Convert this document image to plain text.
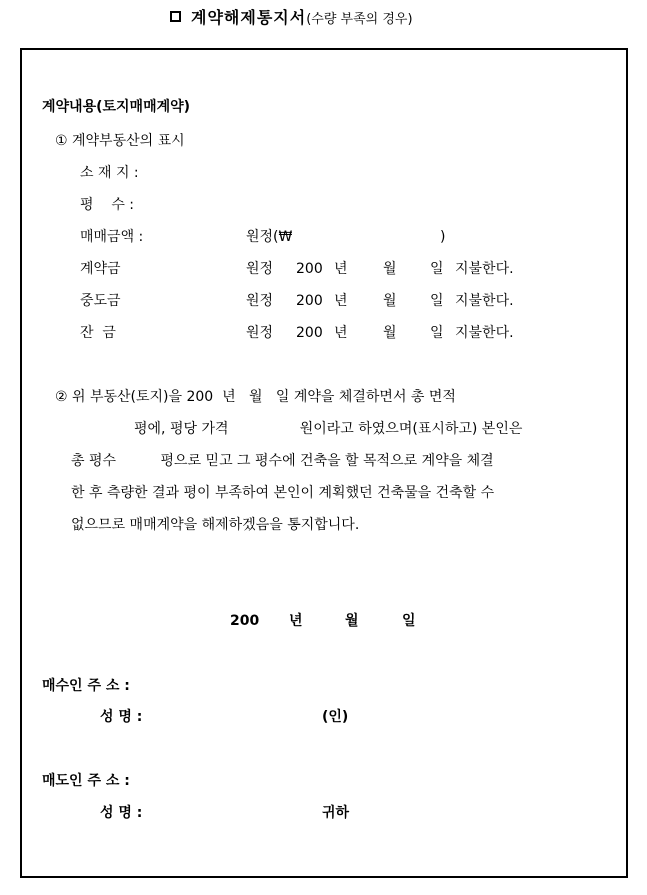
계약해제통지서(수량 부족의 경우)
계약내용(토지매매계약)
① 계약부동산의 표시
소 재 지 :
평    수 :
매매금액 :	원정(₩	)
계약금	원정 200 년	월 일 지불한다.
중도금	원정 200 년	월 일 지불한다.
잔  금	원정 200 년	월 일 지불한다.
② 위 부동산(토지)을 200  년   월   일 계약을 체결하면서 총 면적
평에, 평당 가격                원이라고 하였으며(표시하고) 본인은
총 평수          평으로 믿고 그 평수에 건축을 할 목적으로 계약을 체결
한 후 측량한 결과 평이 부족하여 본인이 계획했던 건축물을 건축할 수
없으므로 매매계약을 해제하겠음을 통지합니다.
200 년	월	일
매수인 주 소 :
성 명 :	(인)
매도인 주 소 :
성 명 :	귀하
